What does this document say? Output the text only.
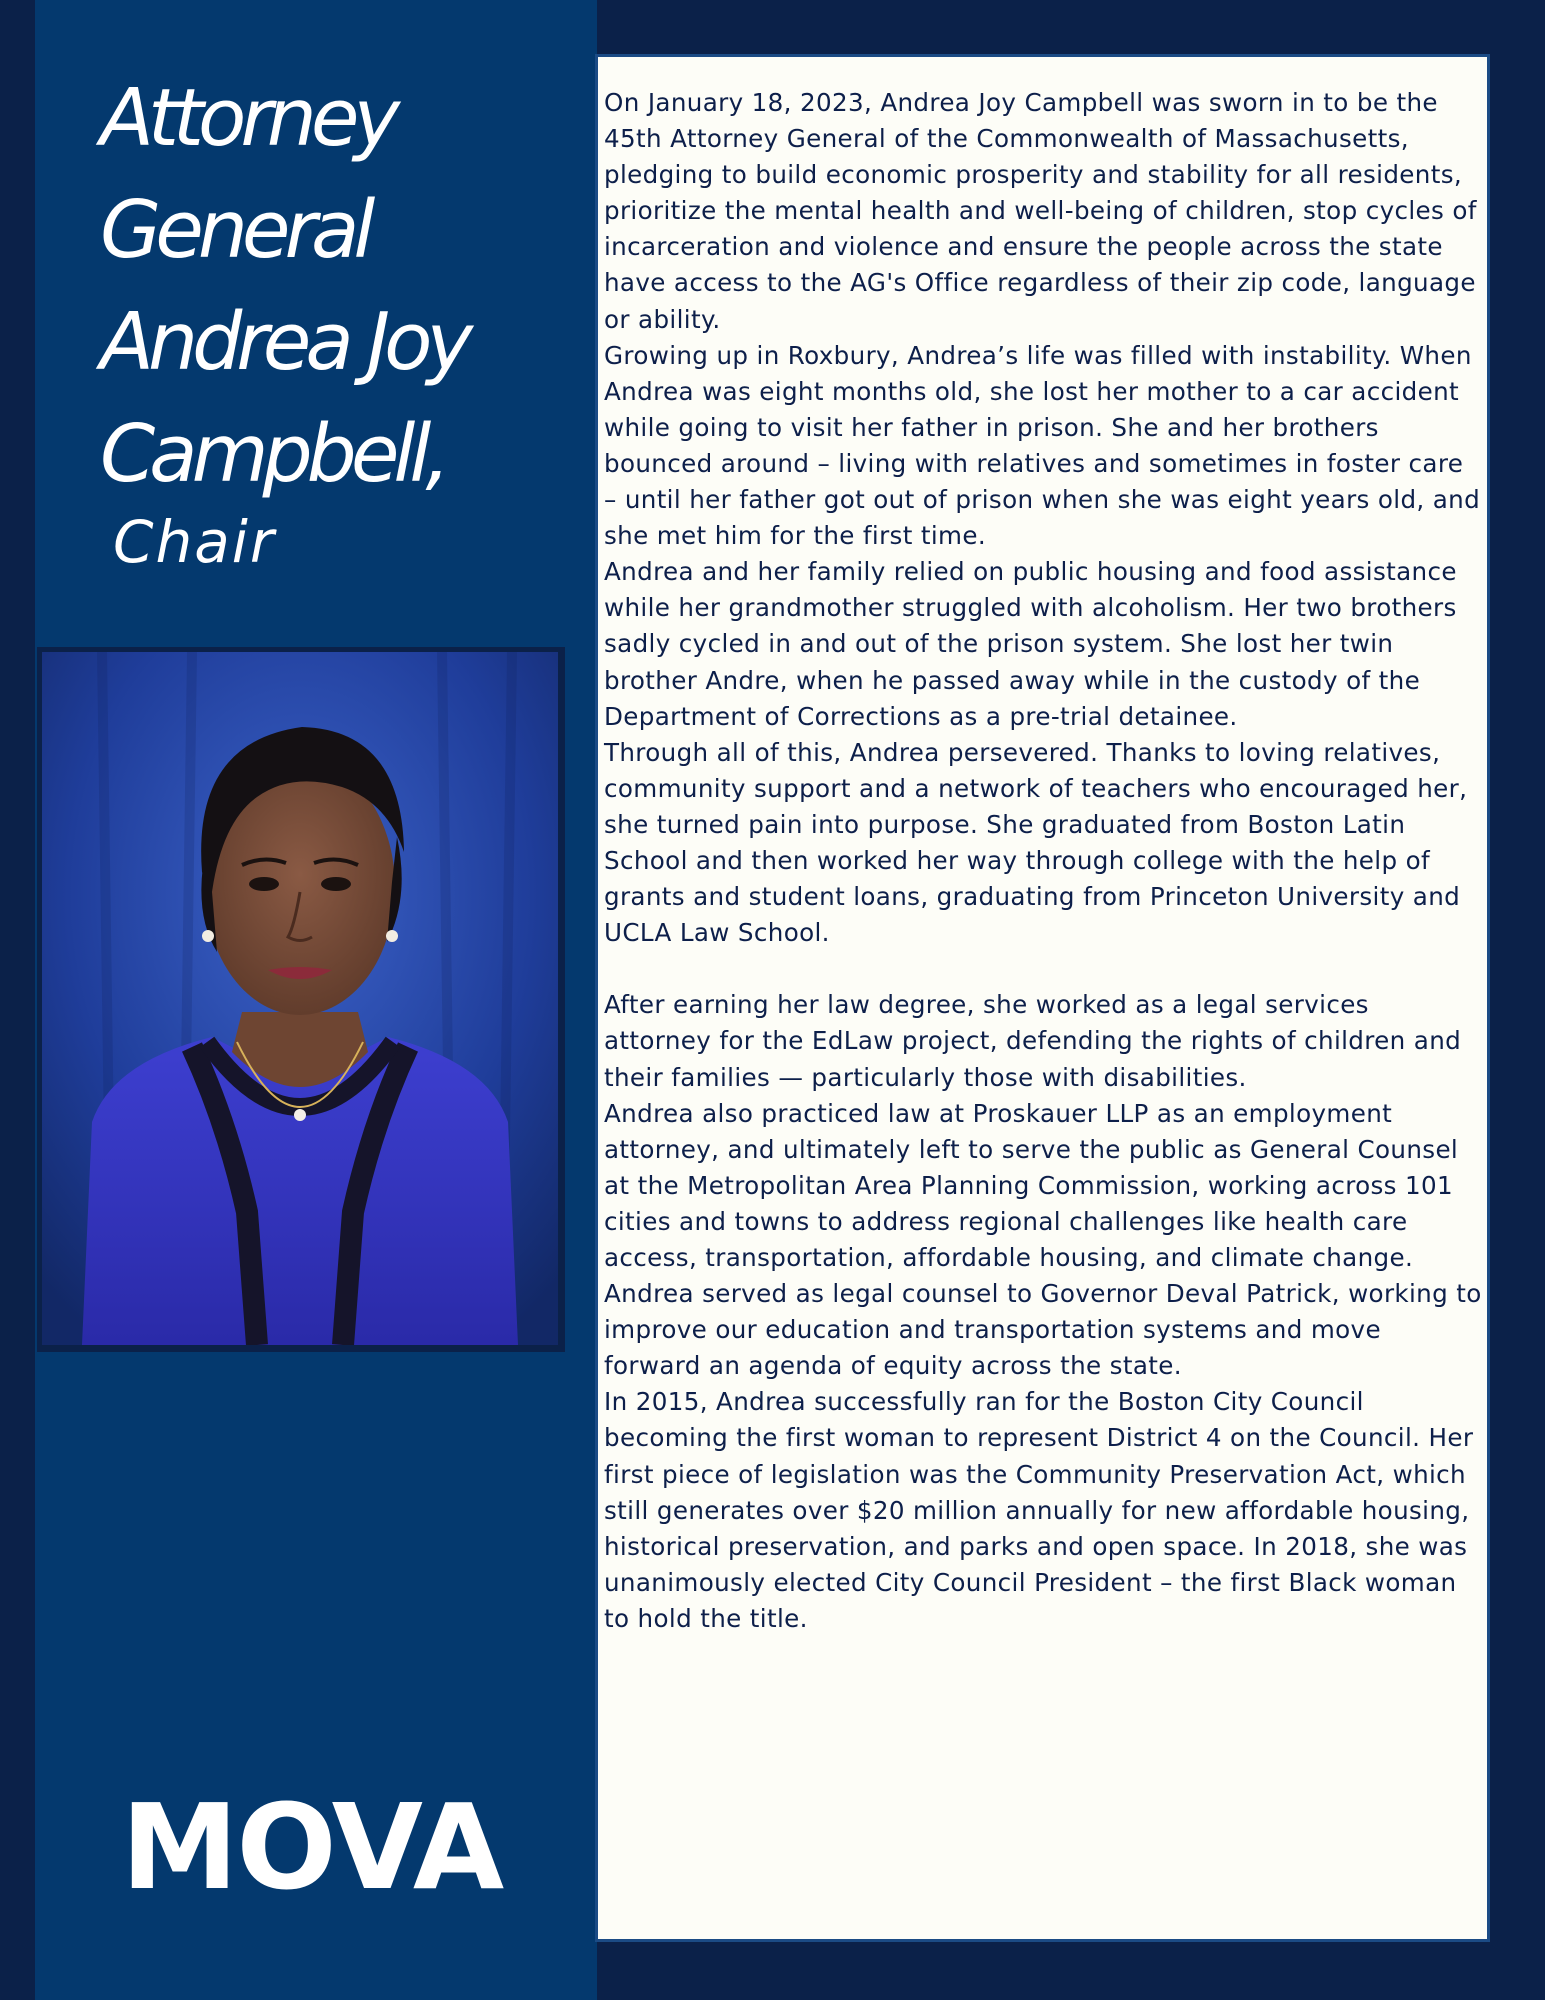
Attorney
General
Andrea Joy
Campbell,
Chair
MOVA

On January 18, 2023, Andrea Joy Campbell was sworn in to be the 45th Attorney General of the Commonwealth of Massachusetts, pledging to build economic prosperity and stability for all residents, prioritize the mental health and well-being of children, stop cycles of incarceration and violence and ensure the people across the state have access to the AG's Office regardless of their zip code, language or ability.

Growing up in Roxbury, Andrea’s life was filled with instability. When Andrea was eight months old, she lost her mother to a car accident while going to visit her father in prison. She and her brothers bounced around – living with relatives and sometimes in foster care – until her father got out of prison when she was eight years old, and she met him for the first time.

Andrea and her family relied on public housing and food assistance while her grandmother struggled with alcoholism. Her two brothers sadly cycled in and out of the prison system. She lost her twin brother Andre, when he passed away while in the custody of the Department of Corrections as a pre-trial detainee.

Through all of this, Andrea persevered. Thanks to loving relatives, community support and a network of teachers who encouraged her, she turned pain into purpose. She graduated from Boston Latin School and then worked her way through college with the help of grants and student loans, graduating from Princeton University and UCLA Law School.

After earning her law degree, she worked as a legal services attorney for the EdLaw project, defending the rights of children and their families — particularly those with disabilities.

Andrea also practiced law at Proskauer LLP as an employment attorney, and ultimately left to serve the public as General Counsel at the Metropolitan Area Planning Commission, working across 101 cities and towns to address regional challenges like health care access, transportation, affordable housing, and climate change.

Andrea served as legal counsel to Governor Deval Patrick, working to improve our education and transportation systems and move forward an agenda of equity across the state.

In 2015, Andrea successfully ran for the Boston City Council becoming the first woman to represent District 4 on the Council. Her first piece of legislation was the Community Preservation Act, which still generates over $20 million annually for new affordable housing, historical preservation, and parks and open space. In 2018, she was unanimously elected City Council President – the first Black woman to hold the title.
